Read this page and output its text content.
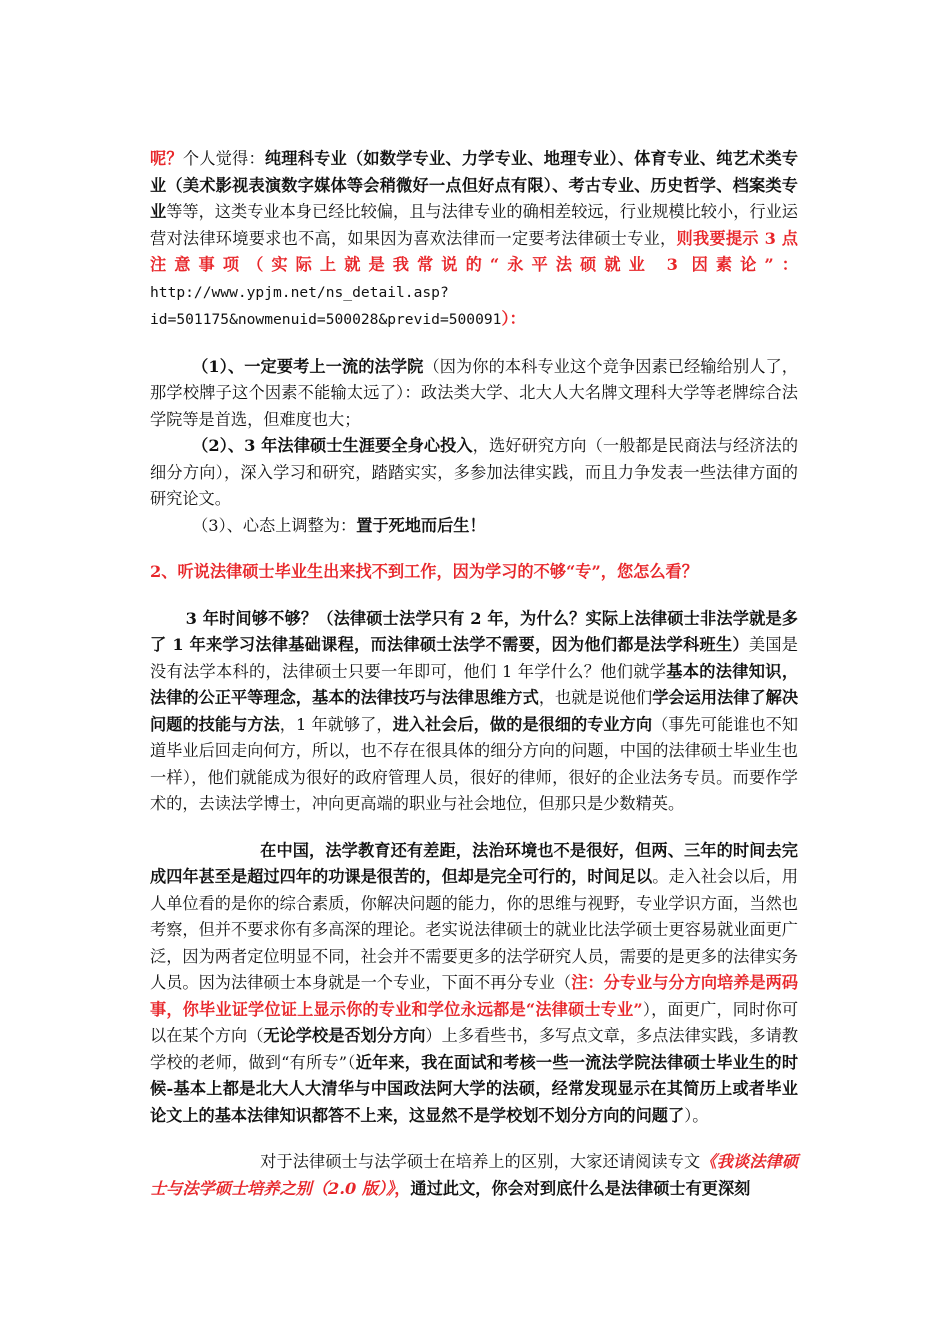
呢？个人觉得：纯理科专业（如数学专业、力学专业、地理专业）、体育专业、纯艺术类专业（美术影视表演数字媒体等会稍微好一点但好点有限）、考古专业、历史哲学、档案类专业等等，这类专业本身已经比较偏，且与法律专业的确相差较远，行业规模比较小，行业运营对法律环境要求也不高，如果因为喜欢法律而一定要考法律硕士专业，则我要提示 3 点注意事项（实际上就是我常说的“永平法硕就业 3 因素论”：http://www.ypjm.net/ns_detail.asp?id=501175&nowmenuid=500028&previd=500091）：

（1）、一定要考上一流的法学院（因为你的本科专业这个竞争因素已经输给别人了，那学校牌子这个因素不能输太远了）：政法类大学、北大人大名牌文理科大学等老牌综合法学院等是首选，但难度也大；

（2）、3 年法律硕士生涯要全身心投入，选好研究方向（一般都是民商法与经济法的细分方向），深入学习和研究，踏踏实实，多参加法律实践，而且力争发表一些法律方面的研究论文。

（3）、心态上调整为：置于死地而后生！

2、听说法律硕士毕业生出来找不到工作，因为学习的不够“专”，您怎么看？

3 年时间够不够？（法律硕士法学只有 2 年，为什么？实际上法律硕士非法学就是多了 1 年来学习法律基础课程，而法律硕士法学不需要，因为他们都是法学科班生）美国是没有法学本科的，法律硕士只要一年即可，他们 1 年学什么？他们就学基本的法律知识，法律的公正平等理念，基本的法律技巧与法律思维方式，也就是说他们学会运用法律了解决问题的技能与方法，1 年就够了，进入社会后，做的是很细的专业方向（事先可能谁也不知道毕业后回走向何方，所以，也不存在很具体的细分方向的问题，中国的法律硕士毕业生也一样），他们就能成为很好的政府管理人员，很好的律师，很好的企业法务专员。而要作学术的，去读法学博士，冲向更高端的职业与社会地位，但那只是少数精英。

在中国，法学教育还有差距，法治环境也不是很好，但两、三年的时间去完成四年甚至是超过四年的功课是很苦的，但却是完全可行的，时间足以。走入社会以后，用人单位看的是你的综合素质，你解决问题的能力，你的思维与视野，专业学识方面，当然也考察，但并不要求你有多高深的理论。老实说法律硕士的就业比法学硕士更容易就业面更广泛，因为两者定位明显不同，社会并不需要更多的法学研究人员，需要的是更多的法律实务人员。因为法律硕士本身就是一个专业，下面不再分专业（注：分专业与分方向培养是两码事，你毕业证学位证上显示你的专业和学位永远都是“法律硕士专业”），面更广，同时你可以在某个方向（无论学校是否划分方向）上多看些书，多写点文章，多点法律实践，多请教学校的老师，做到“有所专”（近年来，我在面试和考核一些一流法学院法律硕士毕业生的时候-基本上都是北大人大清华与中国政法阿大学的法硕，经常发现显示在其简历上或者毕业论文上的基本法律知识都答不上来，这显然不是学校划不划分方向的问题了）。

对于法律硕士与法学硕士在培养上的区别，大家还请阅读专文《我谈法律硕士与法学硕士培养之别（2.0 版）》，通过此文，你会对到底什么是法律硕士有更深刻
